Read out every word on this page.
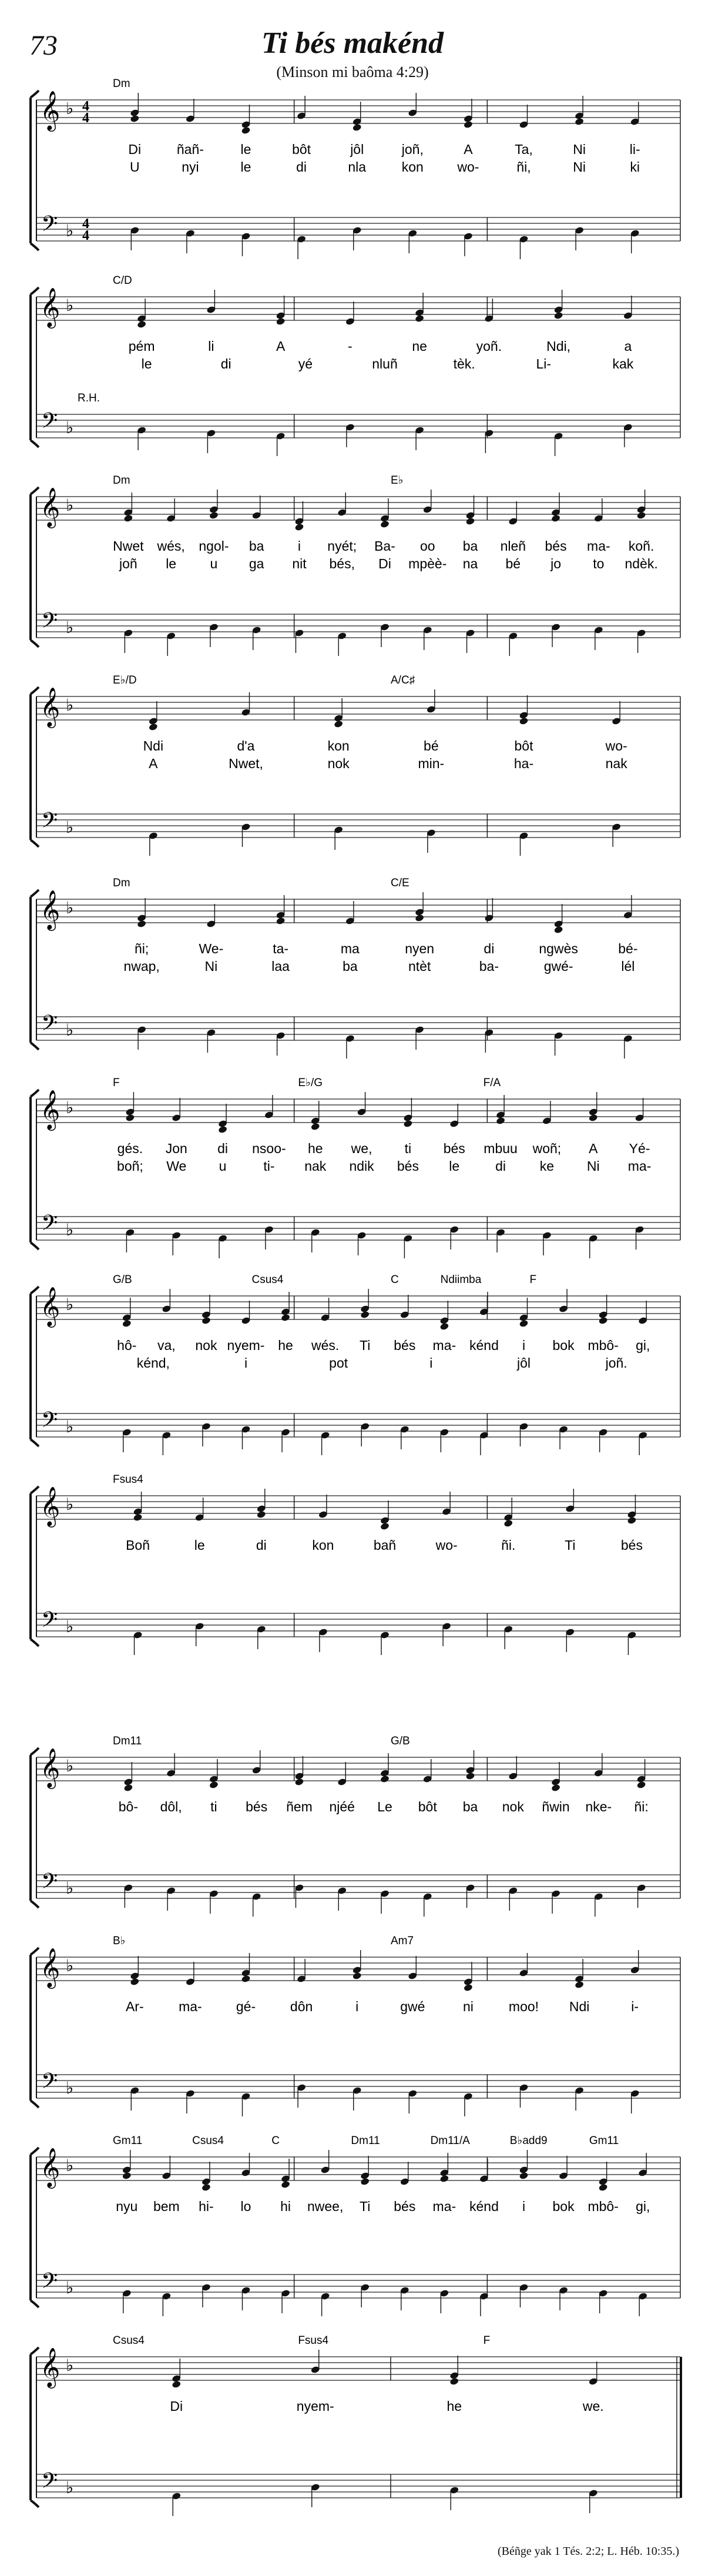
73	Ti bés makénd
(Minson mi baôma 4:29)
𝄞
𝄢
♭
♭
4
4
4
4
Dm
Di	ñañ-	le	bôt	jôl	joñ,	A	Ta,	Ni	li-
U	nyi	le	di	nla	kon	wo-	ñi,	Ni	ki
𝄞
𝄢
♭
♭
C/D
R.H.
pém	li	A	-	ne	yoñ.	Ndi,	a
le	di	yé	nluñ	tèk.	Li-	kak
𝄞
𝄢
♭
♭
Dm	E♭
Nwet wés, ngol- ba i nyét; Ba- oo ba nleñ bés ma- koñ.
joñ le u ga nit bés, Di mpèè- na bé jo to ndèk.
𝄞
𝄢
♭
♭
E♭/D	A/C♯
Ndi	d'a	kon	bé	bôt	wo-
A	Nwet,	nok	min-	ha-	nak
𝄞
𝄢
♭
♭
Dm	C/E
ñi;	We-	ta-	ma	nyen	di	ngwès	bé-
nwap,	Ni	laa	ba	ntèt	ba-	gwé-	lél
𝄞
𝄢
♭
♭
F	E♭/G	F/A
gés. Jon di nsoo- he we, ti bés mbuu woñ; A Yé-
boñ; We u	ti- nak ndik bés le	di	ke Ni ma-
𝄞
𝄢
♭
♭
G/B	Csus4	C	F
Ndiimba
hô- va, nok nyem- he wés. Ti bés ma- kénd i bok mbô- gi,
kénd,	i	pot	i	jôl	joñ.
𝄞
𝄢
♭
♭
Fsus4
Boñ	le	di	kon	bañ	wo-	ñi.	Ti	bés
𝄞
𝄢
♭
♭
Dm11	G/B
bô- dôl, ti bés ñem njéé Le bôt ba nok ñwin nke- ñi:
𝄞
𝄢
♭
♭
B♭	Am7
Ar-	ma-	gé-	dôn	i	gwé	ni	moo! Ndi	i-
𝄞
𝄢
♭
♭
Gm11	Csus4	C	Dm11	Dm11/A	B♭add9	Gm11
nyu bem hi- lo hi nwee, Ti bés ma- kénd i bok mbô- gi,
𝄞
𝄢
♭
♭
Csus4	Fsus4	F
Di	nyem-	he	we.
(Béñge yak 1 Tés. 2:2; L. Héb. 10:35.)
